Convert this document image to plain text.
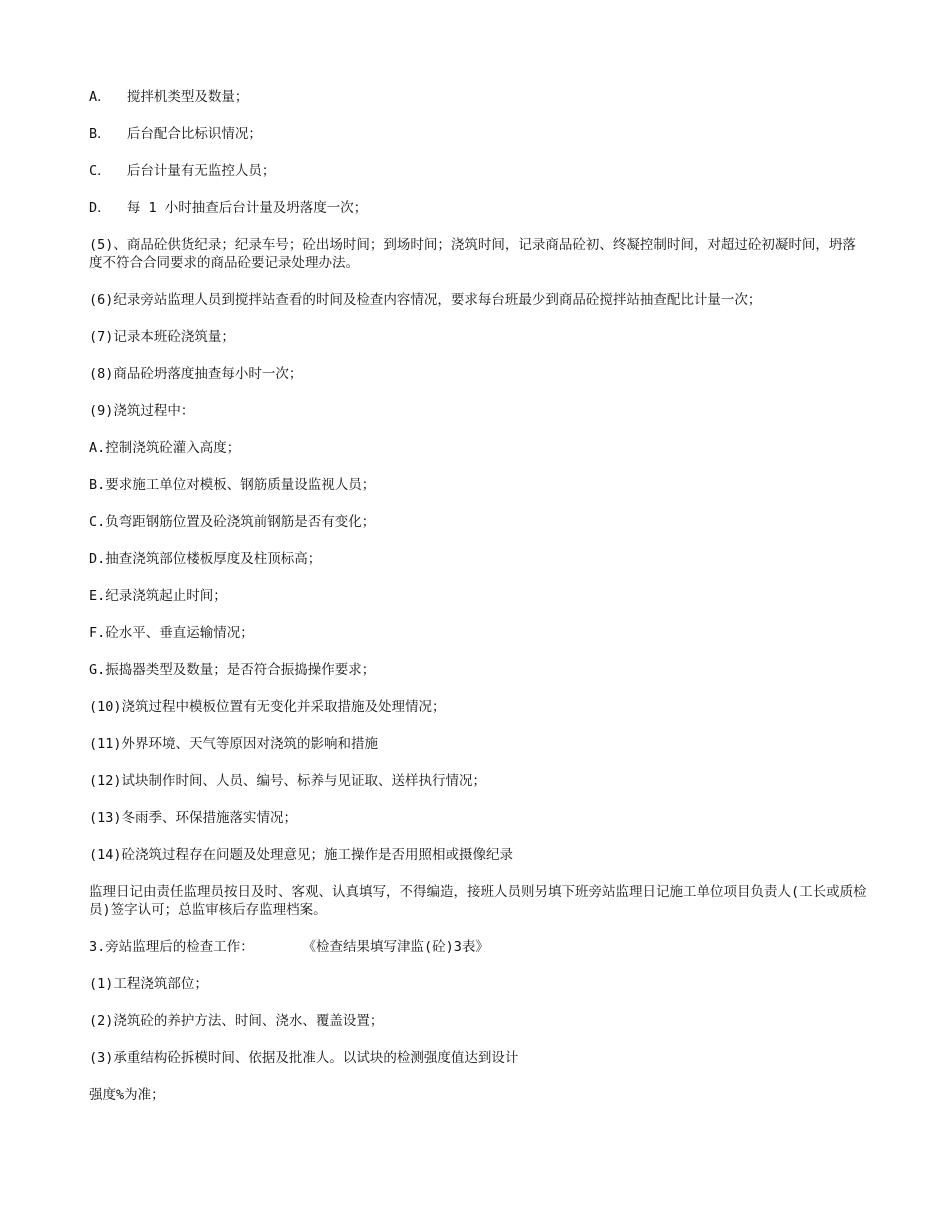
A．  搅拌机类型及数量；

B．  后台配合比标识情况；

C．  后台计量有无监控人员；

D．  每 1 小时抽查后台计量及坍落度一次；

(5)、商品砼供货纪录；纪录车号；砼出场时间；到场时间；浇筑时间，记录商品砼初、终凝控制时间，对超过砼初凝时间，坍落度不符合合同要求的商品砼要记录处理办法。

(6)纪录旁站监理人员到搅拌站查看的时间及检查内容情况，要求每台班最少到商品砼搅拌站抽查配比计量一次；

(7)记录本班砼浇筑量；

(8)商品砼坍落度抽查每小时一次；

(9)浇筑过程中：

A.控制浇筑砼灌入高度；

B.要求施工单位对模板、钢筋质量设监视人员；

C.负弯距钢筋位置及砼浇筑前钢筋是否有变化；

D.抽查浇筑部位楼板厚度及柱顶标高；

E.纪录浇筑起止时间；

F.砼水平、垂直运输情况；

G.振捣器类型及数量；是否符合振捣操作要求；

(10)浇筑过程中模板位置有无变化并采取措施及处理情况；

(11)外界环境、天气等原因对浇筑的影响和措施

(12)试块制作时间、人员、编号、标养与见证取、送样执行情况；

(13)冬雨季、环保措施落实情况；

(14)砼浇筑过程存在问题及处理意见；施工操作是否用照相或摄像纪录

监理日记由责任监理员按日及时、客观、认真填写，不得编造，接班人员则另填下班旁站监理日记施工单位项目负责人(工长或质检员)签字认可；总监审核后存监理档案。

3.旁站监理后的检查工作：      《检查结果填写津监(砼)3表》

(1)工程浇筑部位；

(2)浇筑砼的养护方法、时间、浇水、覆盖设置；

(3)承重结构砼拆模时间、依据及批准人。以试块的检测强度值达到设计

强度%为准；
